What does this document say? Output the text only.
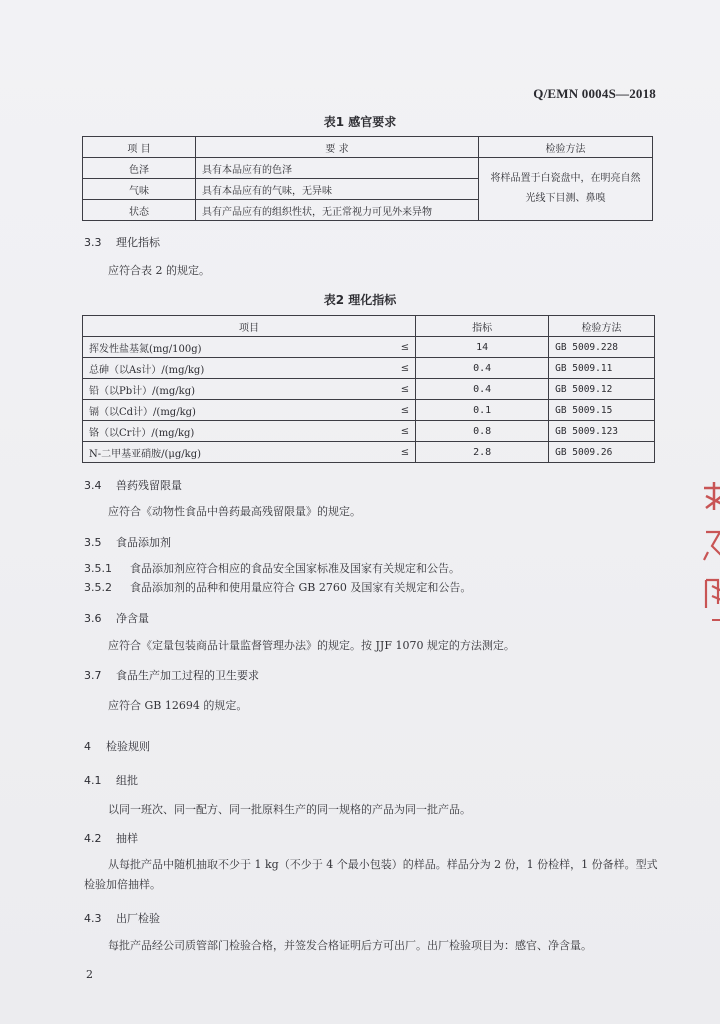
Q/EMN 0004S—2018
表1 感官要求
项 目	要 求	检验方法
色泽	具有本品应有的色泽	将样品置于白瓷盘中，在明亮自然光线下目测、鼻嗅
气味	具有本品应有的气味，无异味	
状态	具有产品应有的组织性状，无正常视力可见外来异物	
3.3 理化指标
应符合表 2 的规定。
表2 理化指标
项目		指标	检验方法
挥发性盐基氮(mg/100g)	≤	14	GB 5009.228
总砷（以As计）/(mg/kg)	≤	0.4	GB 5009.11
铅（以Pb计）/(mg/kg)	≤	0.4	GB 5009.12
镉（以Cd计）/(mg/kg)	≤	0.1	GB 5009.15
铬（以Cr计）/(mg/kg)	≤	0.8	GB 5009.123
N-二甲基亚硝胺/(μg/kg)	≤	2.8	GB 5009.26
3.4 兽药残留限量
应符合《动物性食品中兽药最高残留限量》的规定。
3.5 食品添加剂
3.5.1 食品添加剂应符合相应的食品安全国家标准及国家有关规定和公告。
3.5.2 食品添加剂的品种和使用量应符合 GB 2760 及国家有关规定和公告。
3.6 净含量
应符合《定量包装商品计量监督管理办法》的规定。按 JJF 1070 规定的方法测定。
3.7 食品生产加工过程的卫生要求
应符合 GB 12694 的规定。
4 检验规则
4.1 组批
以同一班次、同一配方、同一批原料生产的同一规格的产品为同一批产品。
4.2 抽样
从每批产品中随机抽取不少于 1 kg（不少于 4 个最小包装）的样品。样品分为 2 份，1 份检样，1 份备样。型式检验加倍抽样。
4.3 出厂检验
每批产品经公司质管部门检验合格，并签发合格证明后方可出厂。出厂检验项目为：感官、净含量。
2
